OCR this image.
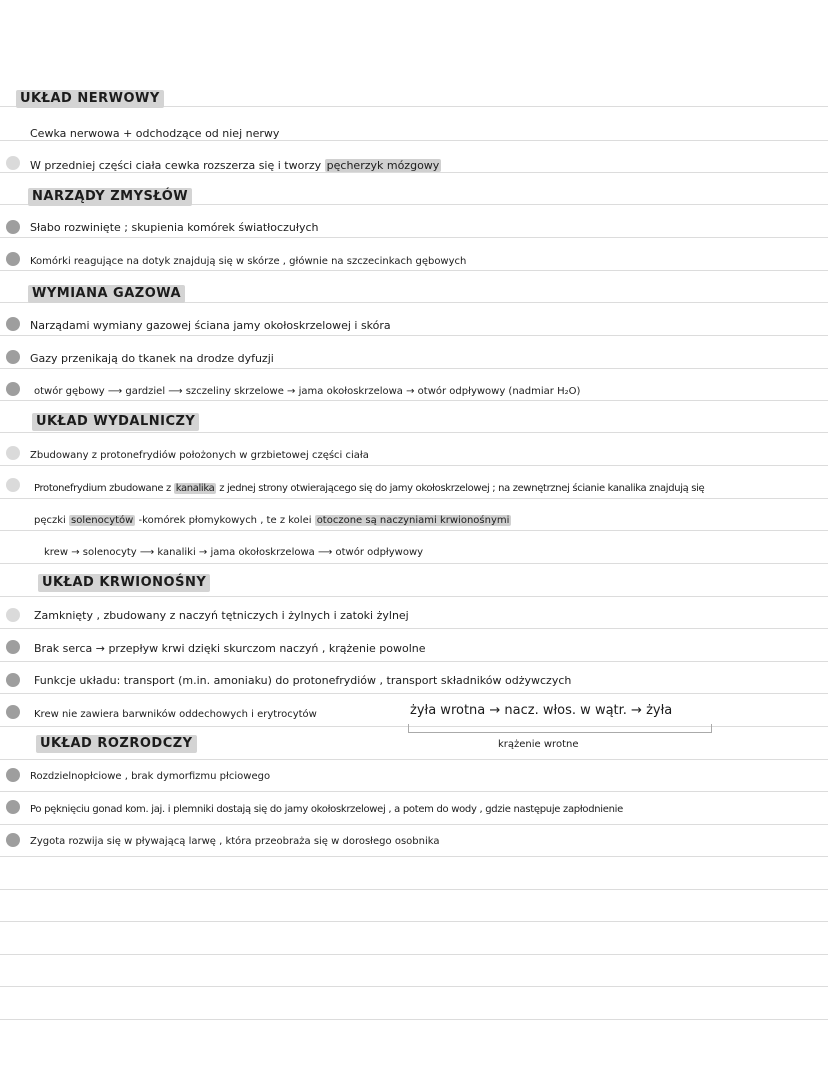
UKŁAD NERWOWY
Cewka nerwowa + odchodzące od niej nerwy
W przedniej części ciała cewka rozszerza się i tworzy pęcherzyk mózgowy
NARZĄDY ZMYSŁÓW
Słabo rozwinięte ; skupienia komórek światłoczułych
Komórki reagujące na dotyk znajdują się w skórze , głównie na szczecinkach gębowych
WYMIANA GAZOWA
Narządami wymiany gazowej ściana jamy okołoskrzelowej i skóra
Gazy przenikają do tkanek na drodze dyfuzji
otwór gębowy ⟶ gardziel ⟶ szczeliny skrzelowe → jama okołoskrzelowa → otwór odpływowy (nadmiar H₂O)
UKŁAD WYDALNICZY
Zbudowany z protonefrydiów położonych w grzbietowej części ciała
Protonefrydium zbudowane z kanalika z jednej strony otwierającego się do jamy okołoskrzelowej ; na zewnętrznej ścianie kanalika znajdują się
pęczki solenocytów -komórek płomykowych , te z kolei otoczone są naczyniami krwionośnymi
krew → solenocyty ⟶ kanaliki → jama okołoskrzelowa ⟶ otwór odpływowy
UKŁAD KRWIONOŚNY
Zamknięty , zbudowany z naczyń tętniczych i żylnych i zatoki żylnej
Brak serca → przepływ krwi dzięki skurczom naczyń , krążenie powolne
Funkcje układu: transport (m.in. amoniaku) do protonefrydiów , transport składników odżywczych
Krew nie zawiera barwników oddechowych i erytrocytów	żyła wrotna → nacz. włos. w wątr. → żyła
krążenie wrotne
UKŁAD ROZRODCZY
Rozdzielnopłciowe , brak dymorfizmu płciowego
Po pęknięciu gonad kom. jaj. i plemniki dostają się do jamy okołoskrzelowej , a potem do wody , gdzie następuje zapłodnienie
Zygota rozwija się w pływającą larwę , która przeobraża się w dorosłego osobnika
